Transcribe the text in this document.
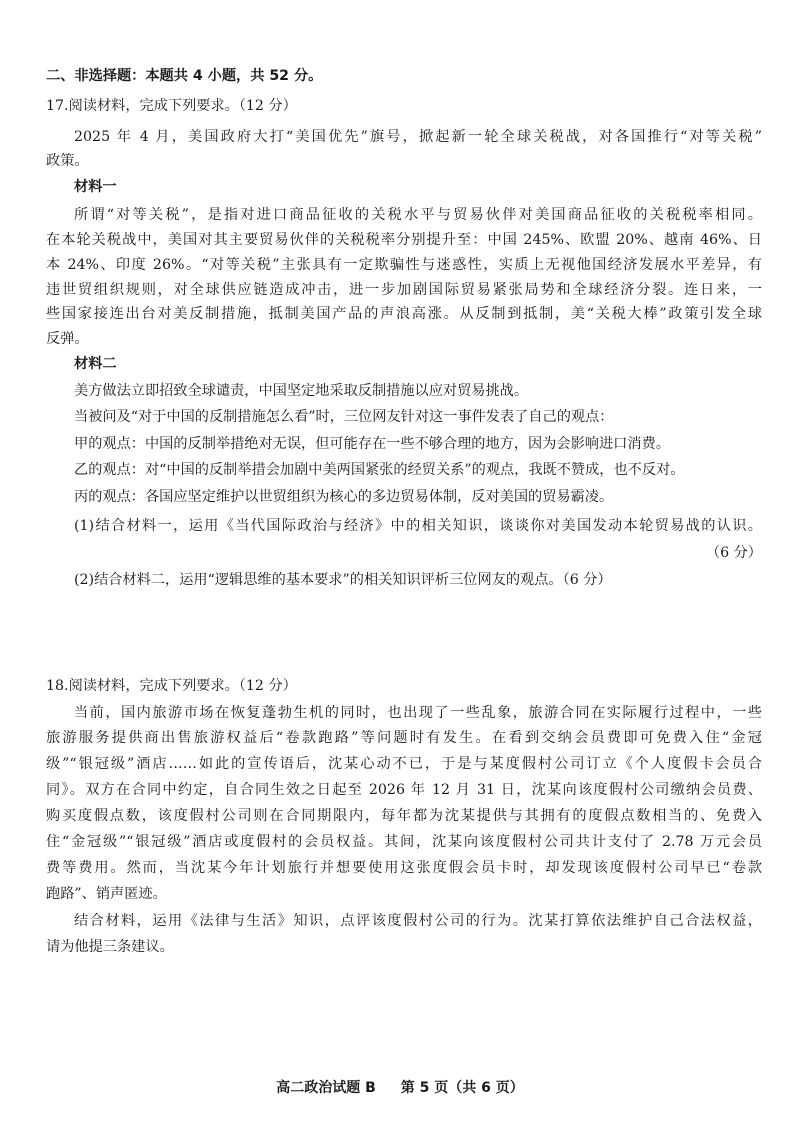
二、非选择题：本题共 4 小题，共 52 分。
17.阅读材料，完成下列要求。（12 分）
2025 年 4 月，美国政府大打“美国优先”旗号，掀起新一轮全球关税战，对各国推行“对等关税”
政策。
材料一
所谓“对等关税”，是指对进口商品征收的关税水平与贸易伙伴对美国商品征收的关税税率相同。
在本轮关税战中，美国对其主要贸易伙伴的关税税率分别提升至：中国 245%、欧盟 20%、越南 46%、日
本 24%、印度 26%。“对等关税”主张具有一定欺骗性与迷惑性，实质上无视他国经济发展水平差异，有
违世贸组织规则，对全球供应链造成冲击，进一步加剧国际贸易紧张局势和全球经济分裂。连日来，一
些国家接连出台对美反制措施，抵制美国产品的声浪高涨。从反制到抵制，美“关税大棒”政策引发全球
反弹。
材料二
美方做法立即招致全球谴责，中国坚定地采取反制措施以应对贸易挑战。
当被问及“对于中国的反制措施怎么看”时，三位网友针对这一事件发表了自己的观点：
甲的观点：中国的反制举措绝对无误，但可能存在一些不够合理的地方，因为会影响进口消费。
乙的观点：对“中国的反制举措会加剧中美两国紧张的经贸关系”的观点，我既不赞成，也不反对。
丙的观点：各国应坚定维护以世贸组织为核心的多边贸易体制，反对美国的贸易霸凌。
(1)结合材料一，运用《当代国际政治与经济》中的相关知识，谈谈你对美国发动本轮贸易战的认识。
（6 分）
(2)结合材料二，运用“逻辑思维的基本要求”的相关知识评析三位网友的观点。（6 分）
18.阅读材料，完成下列要求。（12 分）
当前，国内旅游市场在恢复蓬勃生机的同时，也出现了一些乱象，旅游合同在实际履行过程中，一些
旅游服务提供商出售旅游权益后“卷款跑路”等问题时有发生。在看到交纳会员费即可免费入住“金冠
级”“银冠级”酒店……如此的宣传语后，沈某心动不已，于是与某度假村公司订立《个人度假卡会员合
同》。双方在合同中约定，自合同生效之日起至 2026 年 12 月 31 日，沈某向该度假村公司缴纳会员费、
购买度假点数，该度假村公司则在合同期限内，每年都为沈某提供与其拥有的度假点数相当的、免费入
住“金冠级”“银冠级”酒店或度假村的会员权益。其间，沈某向该度假村公司共计支付了 2.78 万元会员
费等费用。然而，当沈某今年计划旅行并想要使用这张度假会员卡时，却发现该度假村公司早已“卷款
跑路”、销声匿迹。
结合材料，运用《法律与生活》知识，点评该度假村公司的行为。沈某打算依法维护自己合法权益，
请为他提三条建议。
高二政治试题 B 第 5 页（共 6 页）
